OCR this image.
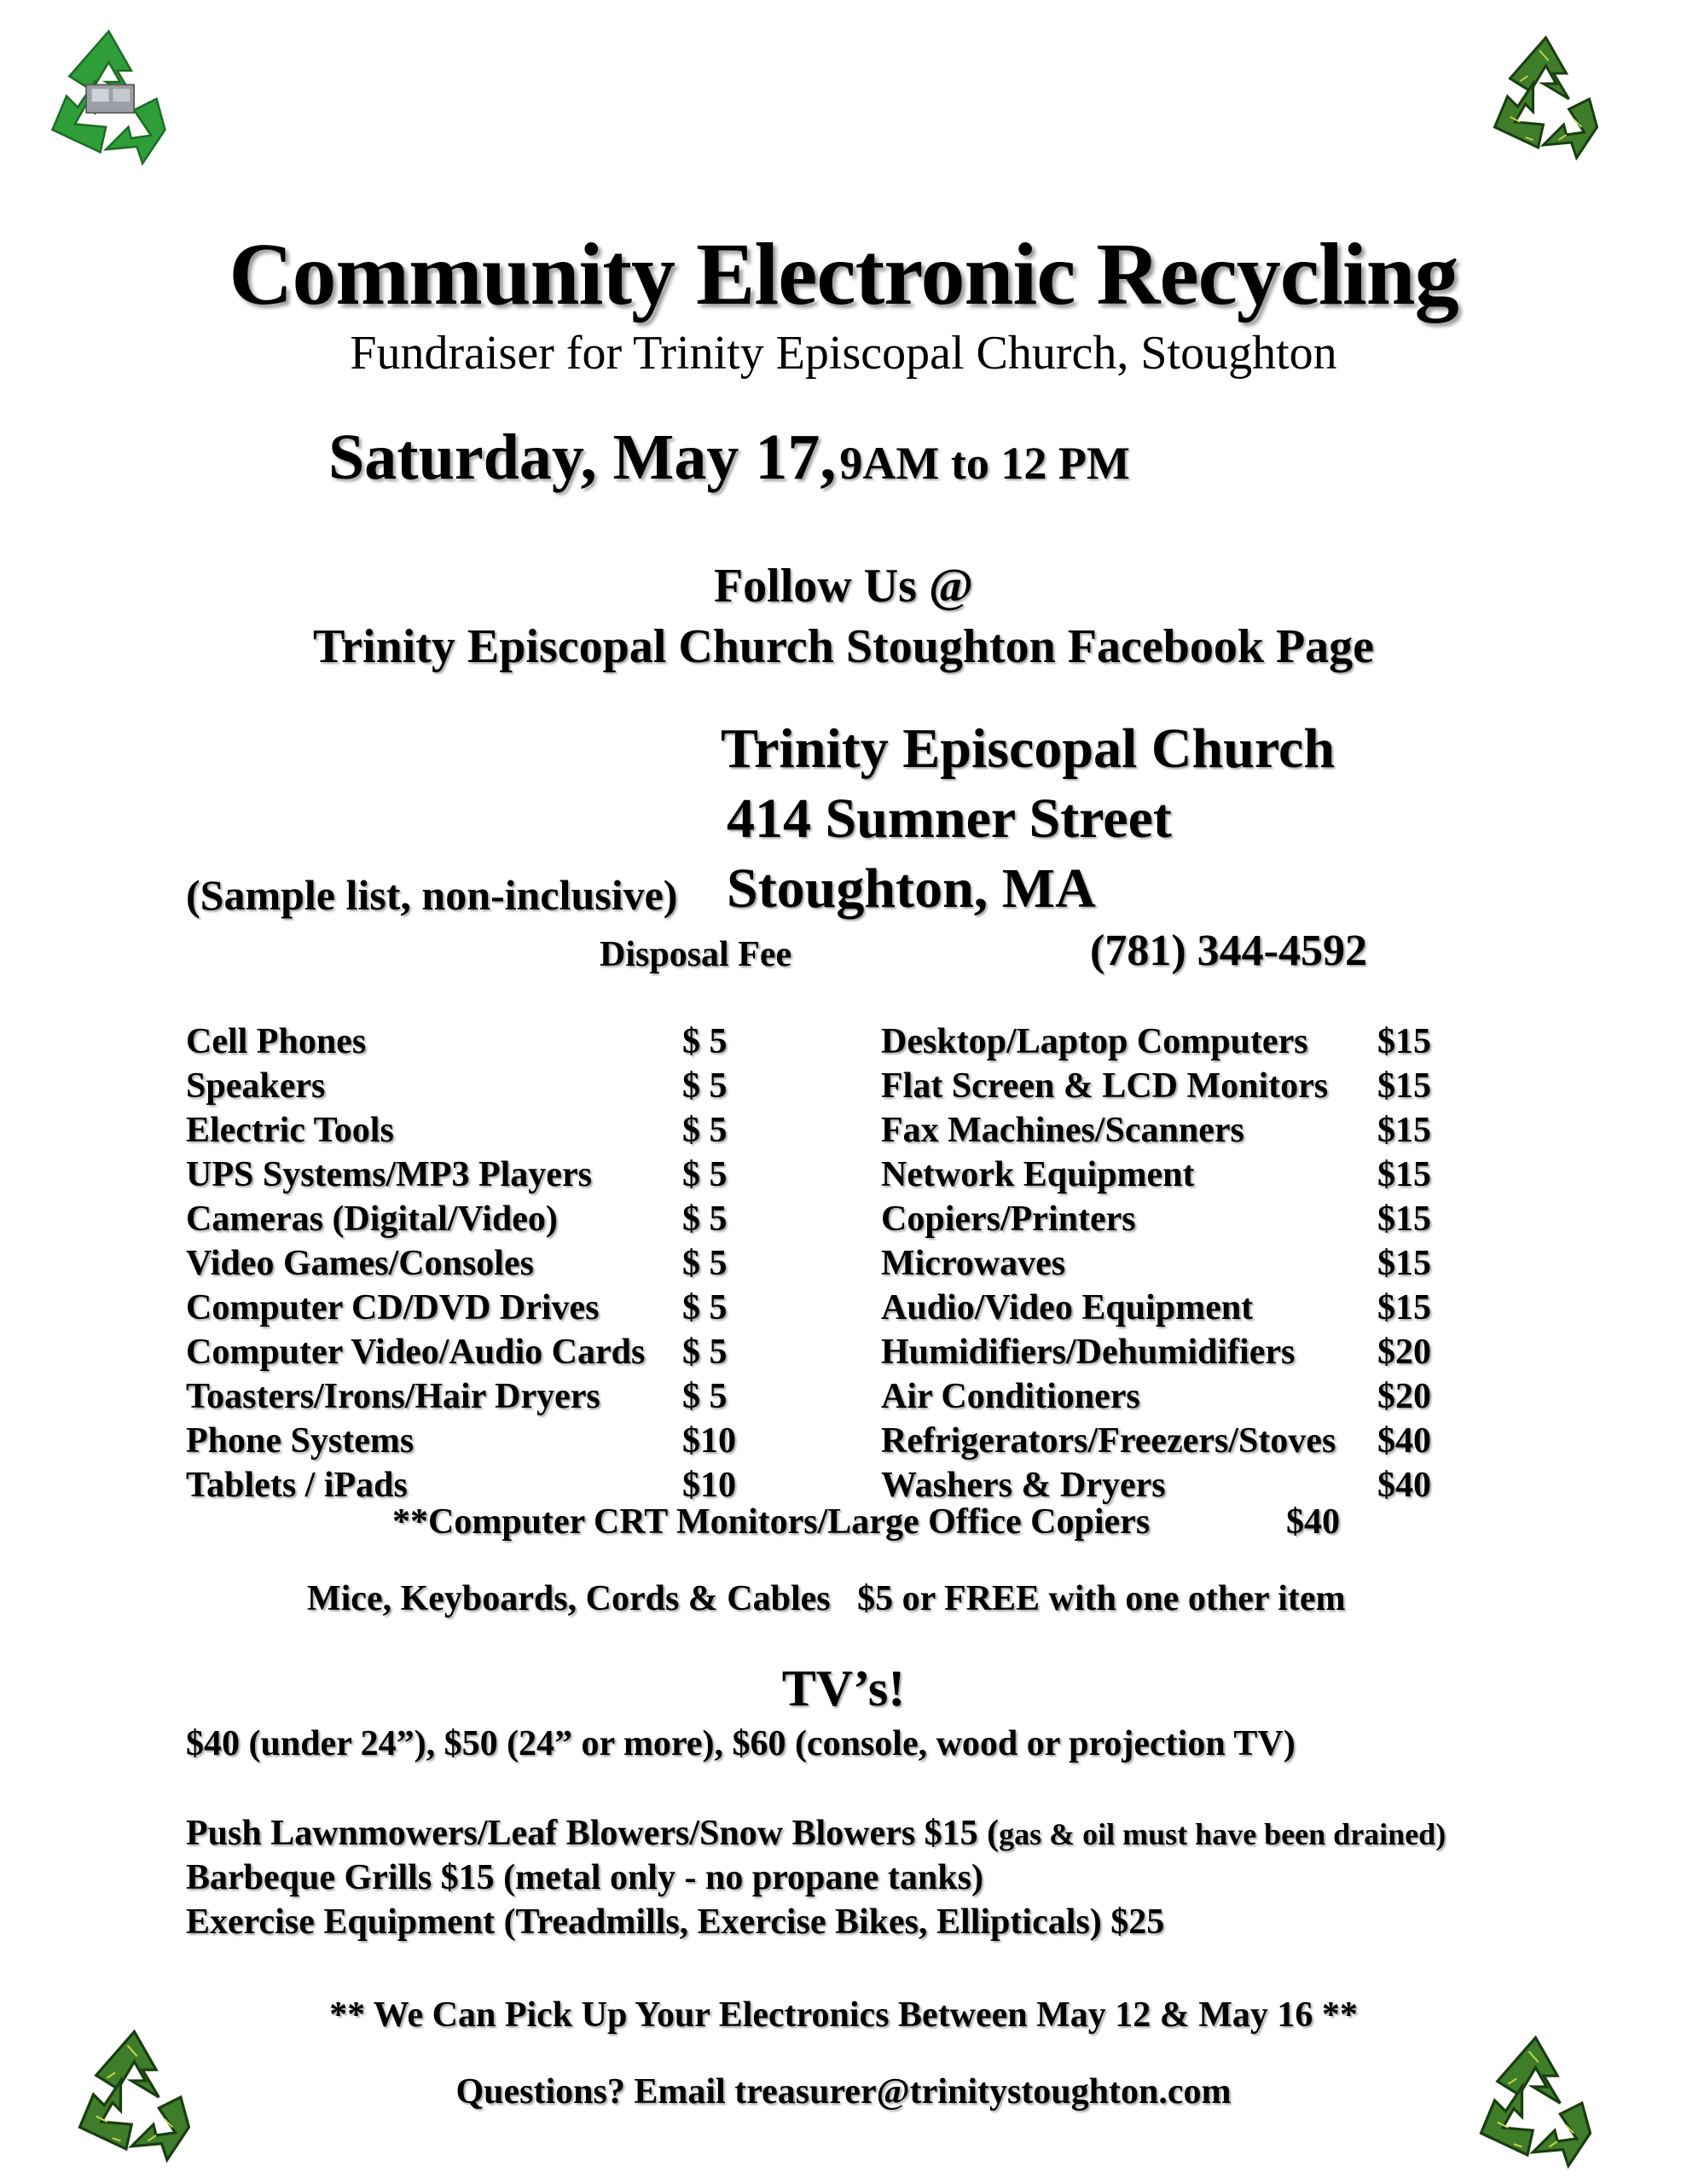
Community Electronic Recycling
Fundraiser for Trinity Episcopal Church, Stoughton
Saturday, May 17, 9AM to 12 PM
Follow Us @
Trinity Episcopal Church Stoughton Facebook Page
Trinity Episcopal Church
414 Sumner Street
(Sample list, non-inclusive) Stoughton, MA
Disposal Fee	(781) 344-4592
Cell Phones	$ 5
Speakers	$ 5
Electric Tools	$ 5
UPS Systems/MP3 Players	$ 5
Cameras (Digital/Video)	$ 5
Video Games/Consoles	$ 5
Computer CD/DVD Drives $ 5
Computer Video/Audio Cards $ 5
Toasters/Irons/Hair Dryers $ 5
Phone Systems	$10
Tablets / iPads	$10
Desktop/Laptop Computers $15
Flat Screen & LCD Monitors $15
Fax Machines/Scanners	$15
Network Equipment	$15
Copiers/Printers	$15
Microwaves	$15
Audio/Video Equipment	$15
Humidifiers/Dehumidifiers $20
Air Conditioners	$20
Refrigerators/Freezers/Stoves $40
Washers & Dryers	$40
**Computer CRT Monitors/Large Office Copiers	$40
Mice, Keyboards, Cords & Cables $5 or FREE with one other item
TV’s!
$40 (under 24”), $50 (24” or more), $60 (console, wood or projection TV)
Push Lawnmowers/Leaf Blowers/Snow Blowers $15 (gas & oil must have been drained)
Barbeque Grills $15 (metal only - no propane tanks)
Exercise Equipment (Treadmills, Exercise Bikes, Ellipticals) $25
** We Can Pick Up Your Electronics Between May 12 & May 16 **
Questions? Email treasurer@trinitystoughton.com
